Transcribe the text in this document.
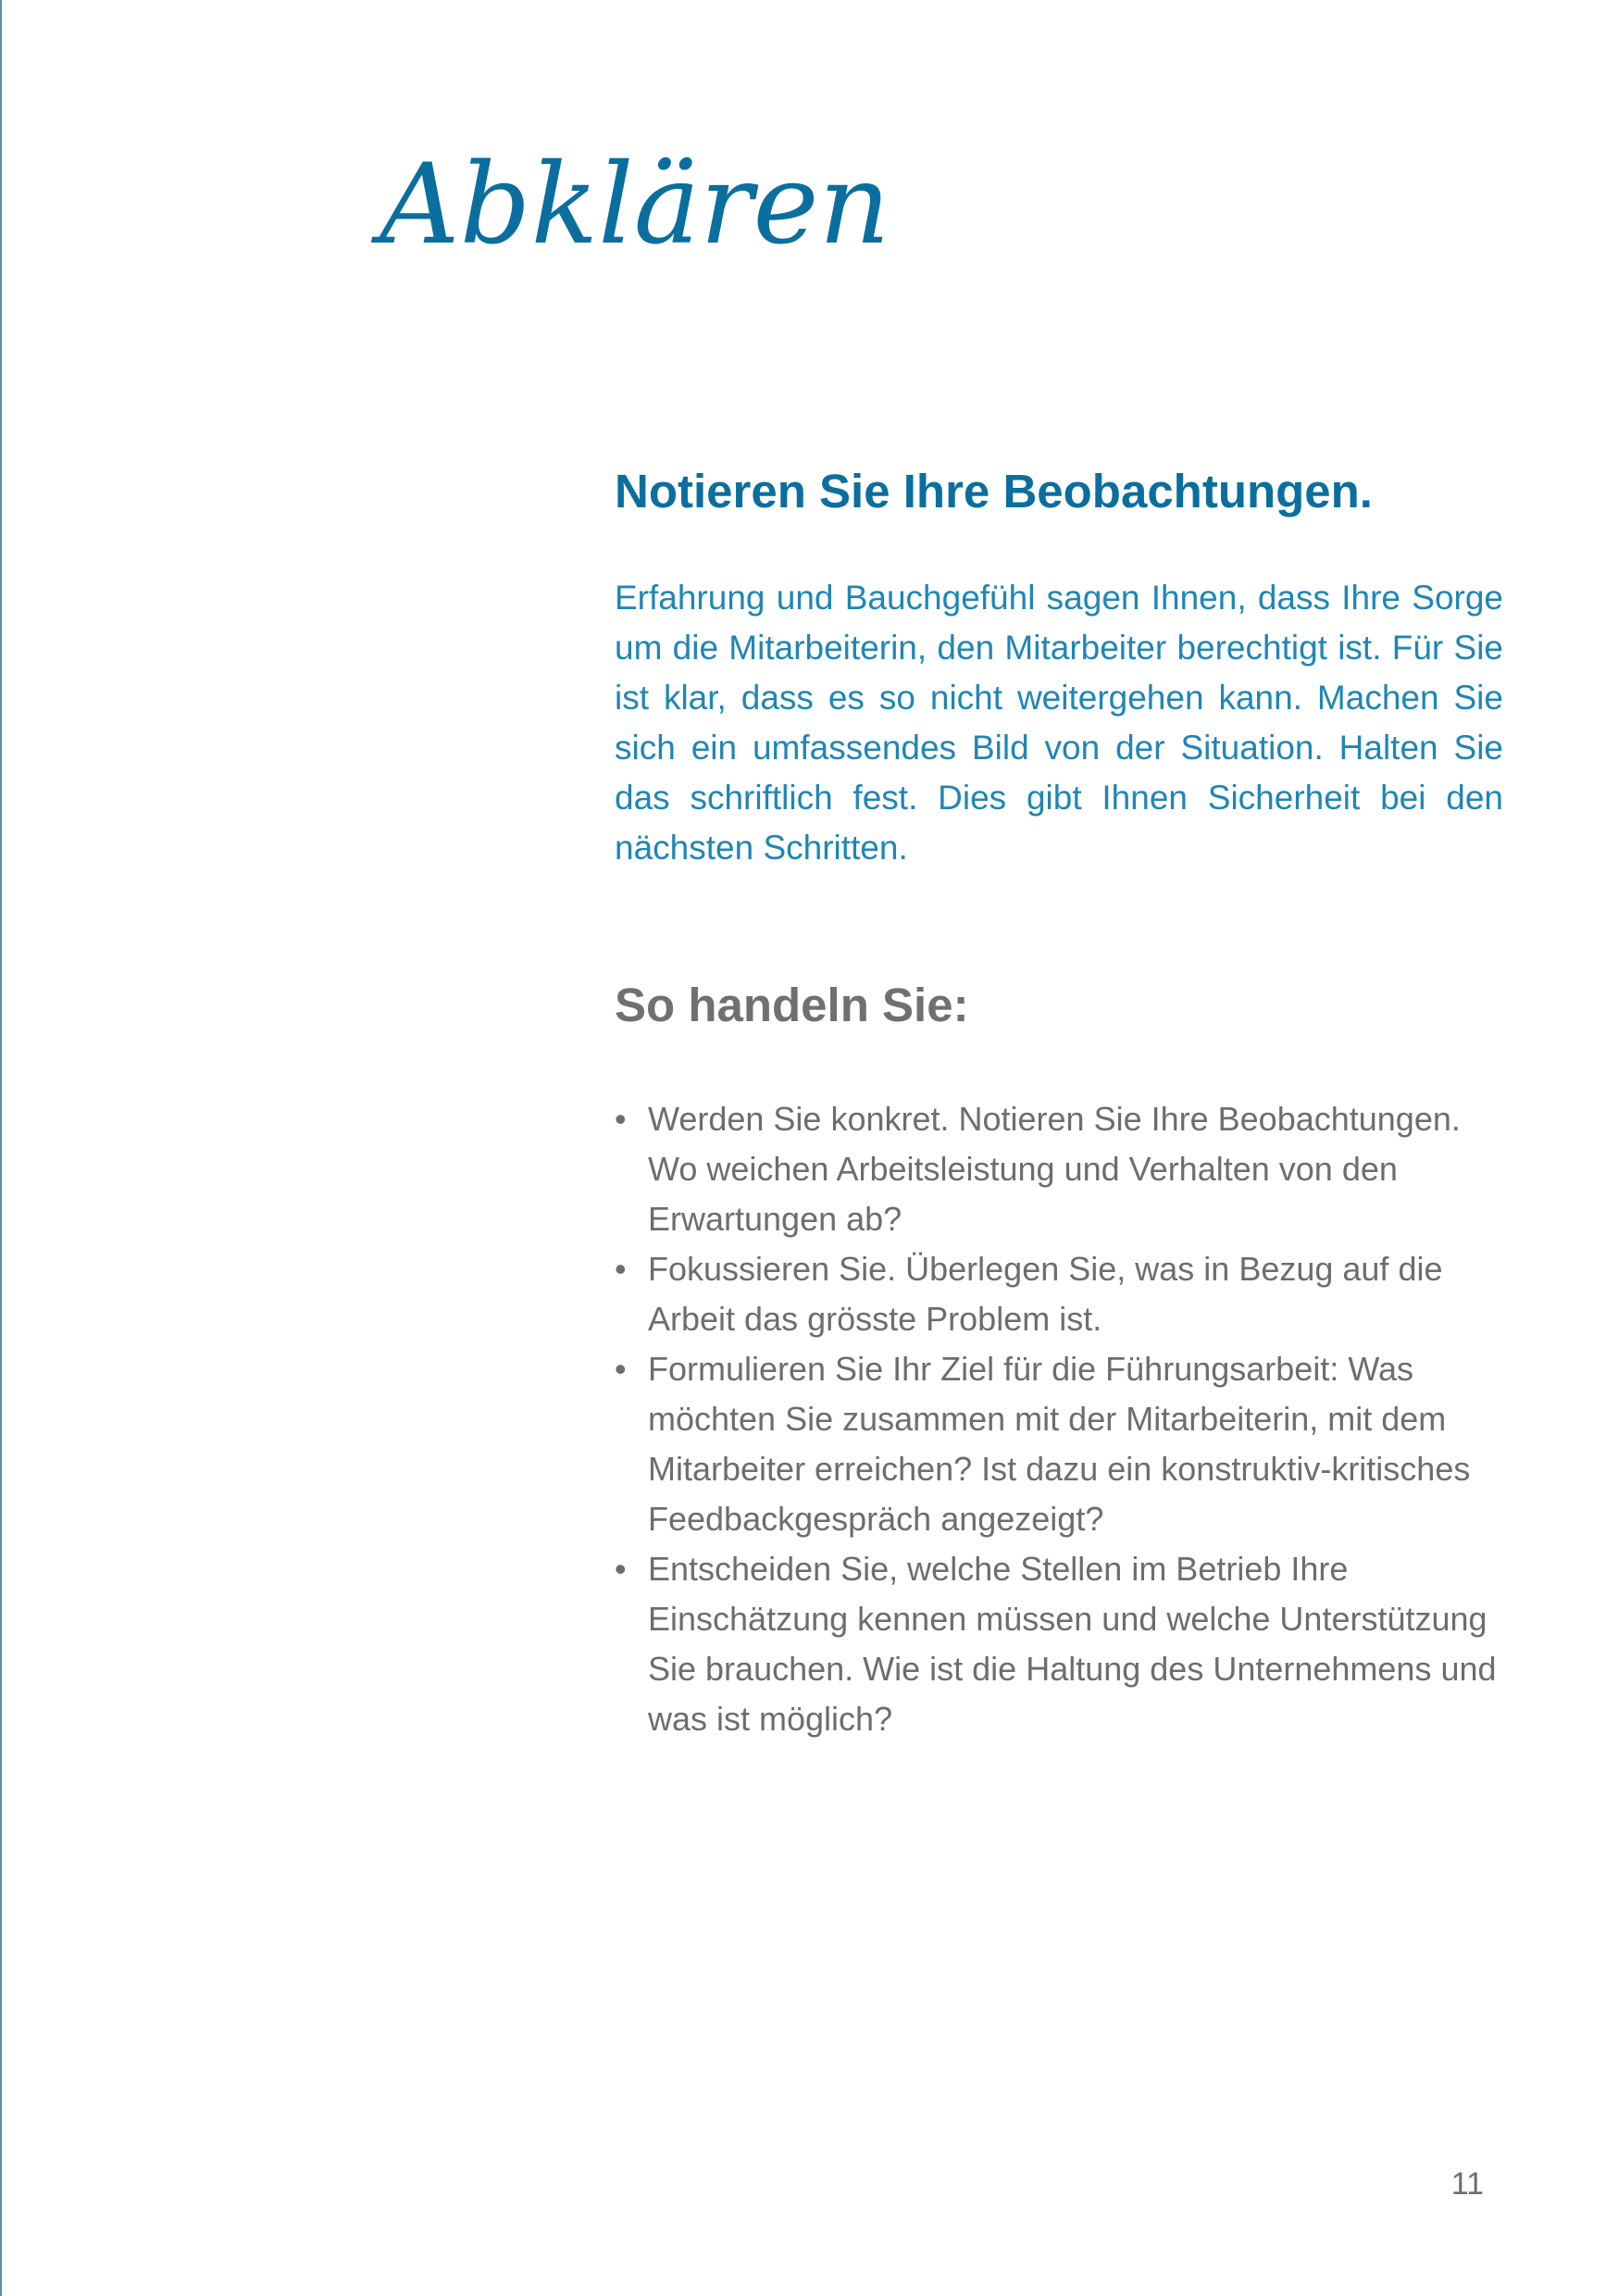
Abklären
Notieren Sie Ihre Beobachtungen.

Erfahrung und Bauchgefühl sagen Ihnen, dass Ihre Sorge um die Mitarbeiterin, den Mitarbeiter berechtigt ist. Für Sie ist klar, dass es so nicht weitergehen kann. Machen Sie sich ein umfassendes Bild von der Situation. Halten Sie das schriftlich fest. Dies gibt Ihnen Sicherheit bei den nächsten Schritten.

So handeln Sie:
• Werden Sie konkret. Notieren Sie Ihre Beobachtungen. Wo weichen Arbeitsleistung und Verhalten von den Erwartungen ab?
• Fokussieren Sie. Überlegen Sie, was in Bezug auf die Arbeit das grösste Problem ist.
• Formulieren Sie Ihr Ziel für die Führungsarbeit: Was möchten Sie zusammen mit der Mitarbeiterin, mit dem Mitarbeiter erreichen? Ist dazu ein konstruktiv-kritisches Feedbackgespräch angezeigt?
• Entscheiden Sie, welche Stellen im Betrieb Ihre Einschätzung kennen müssen und welche Unterstützung Sie brauchen. Wie ist die Haltung des Unternehmens und was ist möglich?
11
